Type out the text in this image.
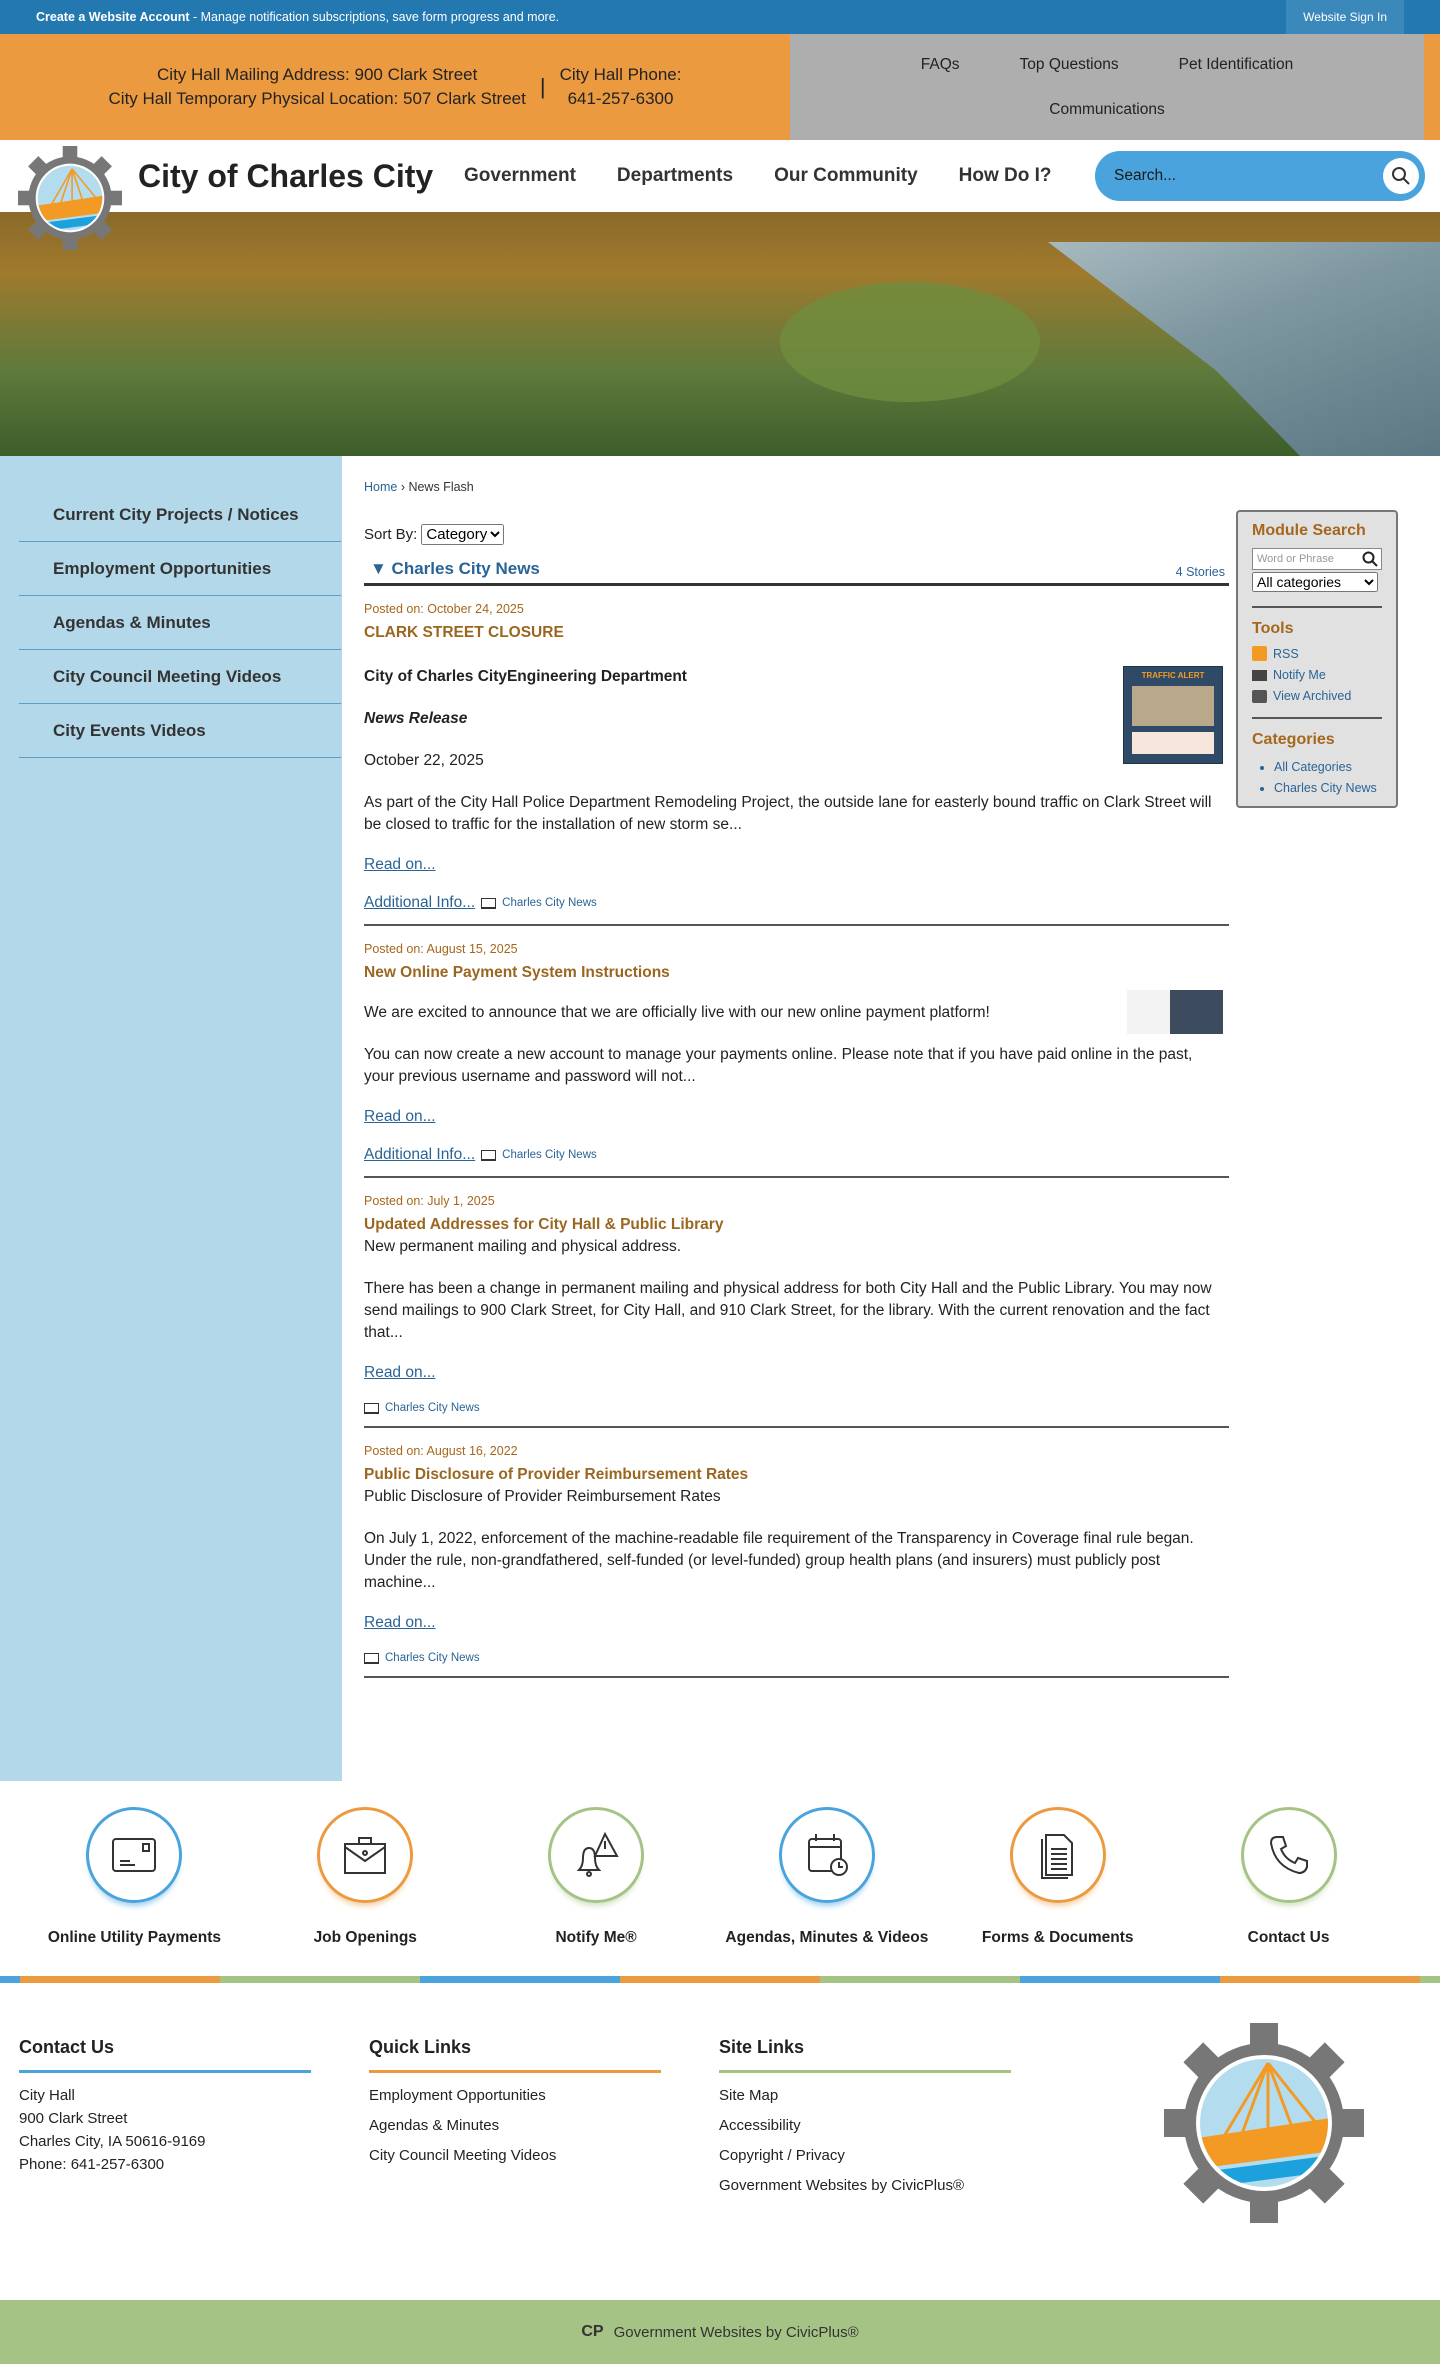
Create a Website Account - Manage notification subscriptions, save form progress and more.	Website Sign In
City Hall Mailing Address: 900 Clark Street
City Hall Temporary Physical Location: 507 Clark Street | City Hall Phone:
641-257-6300
FAQs	Top Questions	Pet Identification
Communications
City of Charles City Government Departments Our Community How Do I?	Search...
Current City Projects / Notices
Employment Opportunities
Agendas & Minutes
City Council Meeting Videos
City Events Videos
Home › News Flash
Sort By:
Category
▼ Charles City News	4 Stories
Posted on: October 24, 2025
CLARK STREET CLOSURE
TRAFFIC ALERT
City of Charles CityEngineering Department
News Release
October 22, 2025
As part of the City Hall Police Department Remodeling Project, the outside lane for easterly bound traffic on Clark Street will be closed to traffic for the installation of new storm se...
Read on...
Additional Info... Charles City News
Posted on: August 15, 2025
New Online Payment System Instructions
We are excited to announce that we are officially live with our new online payment platform!
You can now create a new account to manage your payments online. Please note that if you have paid online in the past, your previous username and password will not...
Read on...
Additional Info... Charles City News
Posted on: July 1, 2025
Updated Addresses for City Hall & Public Library
New permanent mailing and physical address.
There has been a change in permanent mailing and physical address for both City Hall and the Public Library. You may now send mailings to 900 Clark Street, for City Hall, and 910 Clark Street, for the library. With the current renovation and the fact that...
Read on...
Charles City News
Posted on: August 16, 2022
Public Disclosure of Provider Reimbursement Rates
Public Disclosure of Provider Reimbursement Rates
On July 1, 2022, enforcement of the machine-readable file requirement of the Transparency in Coverage final rule began. Under the rule, non-grandfathered, self-funded (or level-funded) group health plans (and insurers) must publicly post machine...
Read on...
Charles City News
Module Search
Word or Phrase
All categories
Tools
RSS
Notify Me
View Archived
Categories
• All Categories
• Charles City News
Online Utility Payments	Job Openings	Notify Me®	Agendas, Minutes & Videos	Forms & Documents	Contact Us
Contact Us
City Hall
900 Clark Street
Charles City, IA 50616-9169
Phone: 641-257-6300
Quick Links
Employment Opportunities
Agendas & Minutes
City Council Meeting Videos
Site Links
Site Map
Accessibility
Copyright / Privacy
Government Websites by CivicPlus®
CP Government Websites by CivicPlus®
